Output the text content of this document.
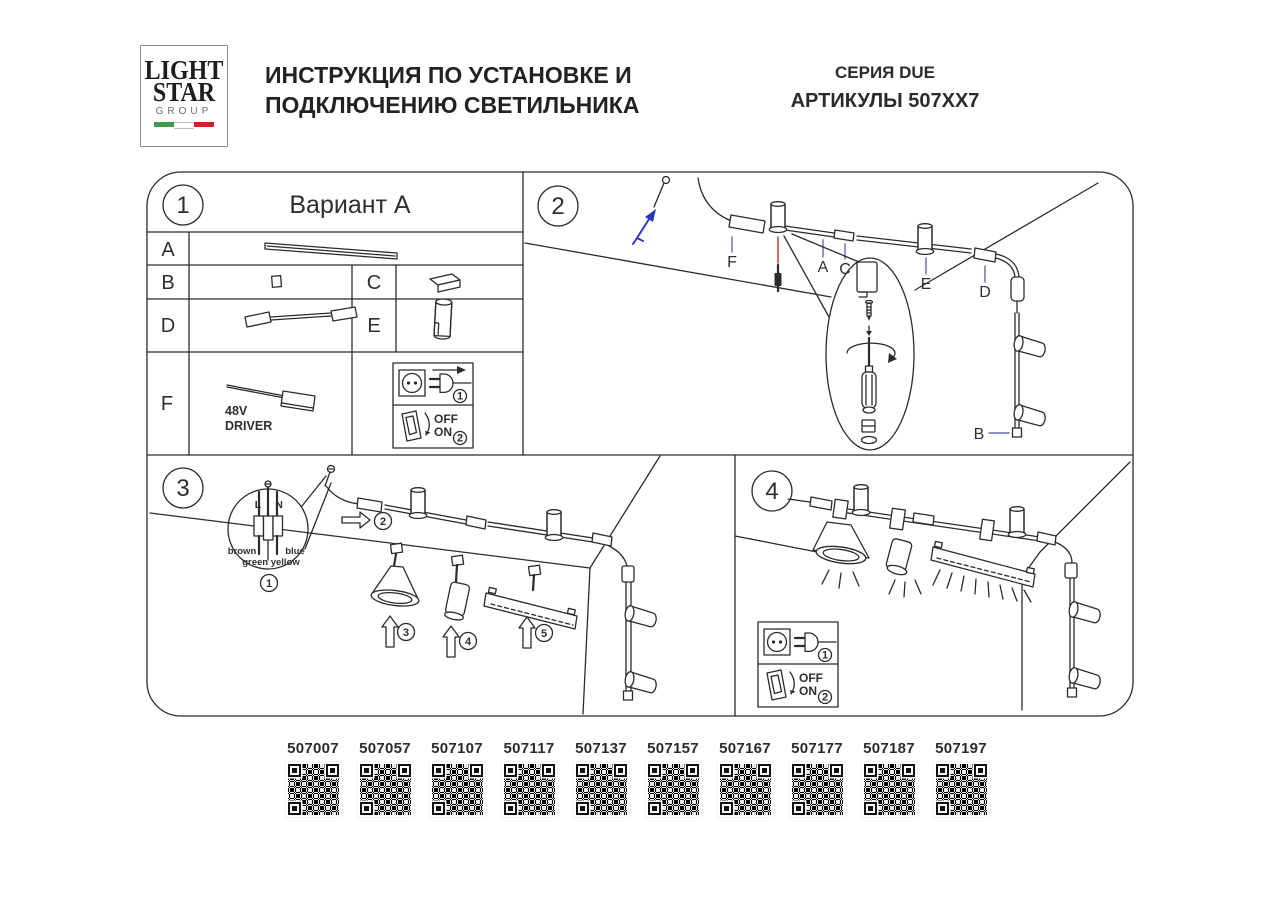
LIGHT
STAR
GROUP
ИНСТРУКЦИЯ ПО УСТАНОВКЕ И
ПОДКЛЮЧЕНИЮ СВЕТИЛЬНИКА
СЕРИЯ DUE
АРТИКУЛЫ 507XX7
1
OFF
ON 2
1	Вариант А
A
B	C
D	E
F	48V
DRIVER
2
F	A C
E	D
B
3
L N
brown	blue
green yellow
1
2
3
4
5
4
507007	507057	507107	507117	507137	507157	507167	507177	507187	507197
